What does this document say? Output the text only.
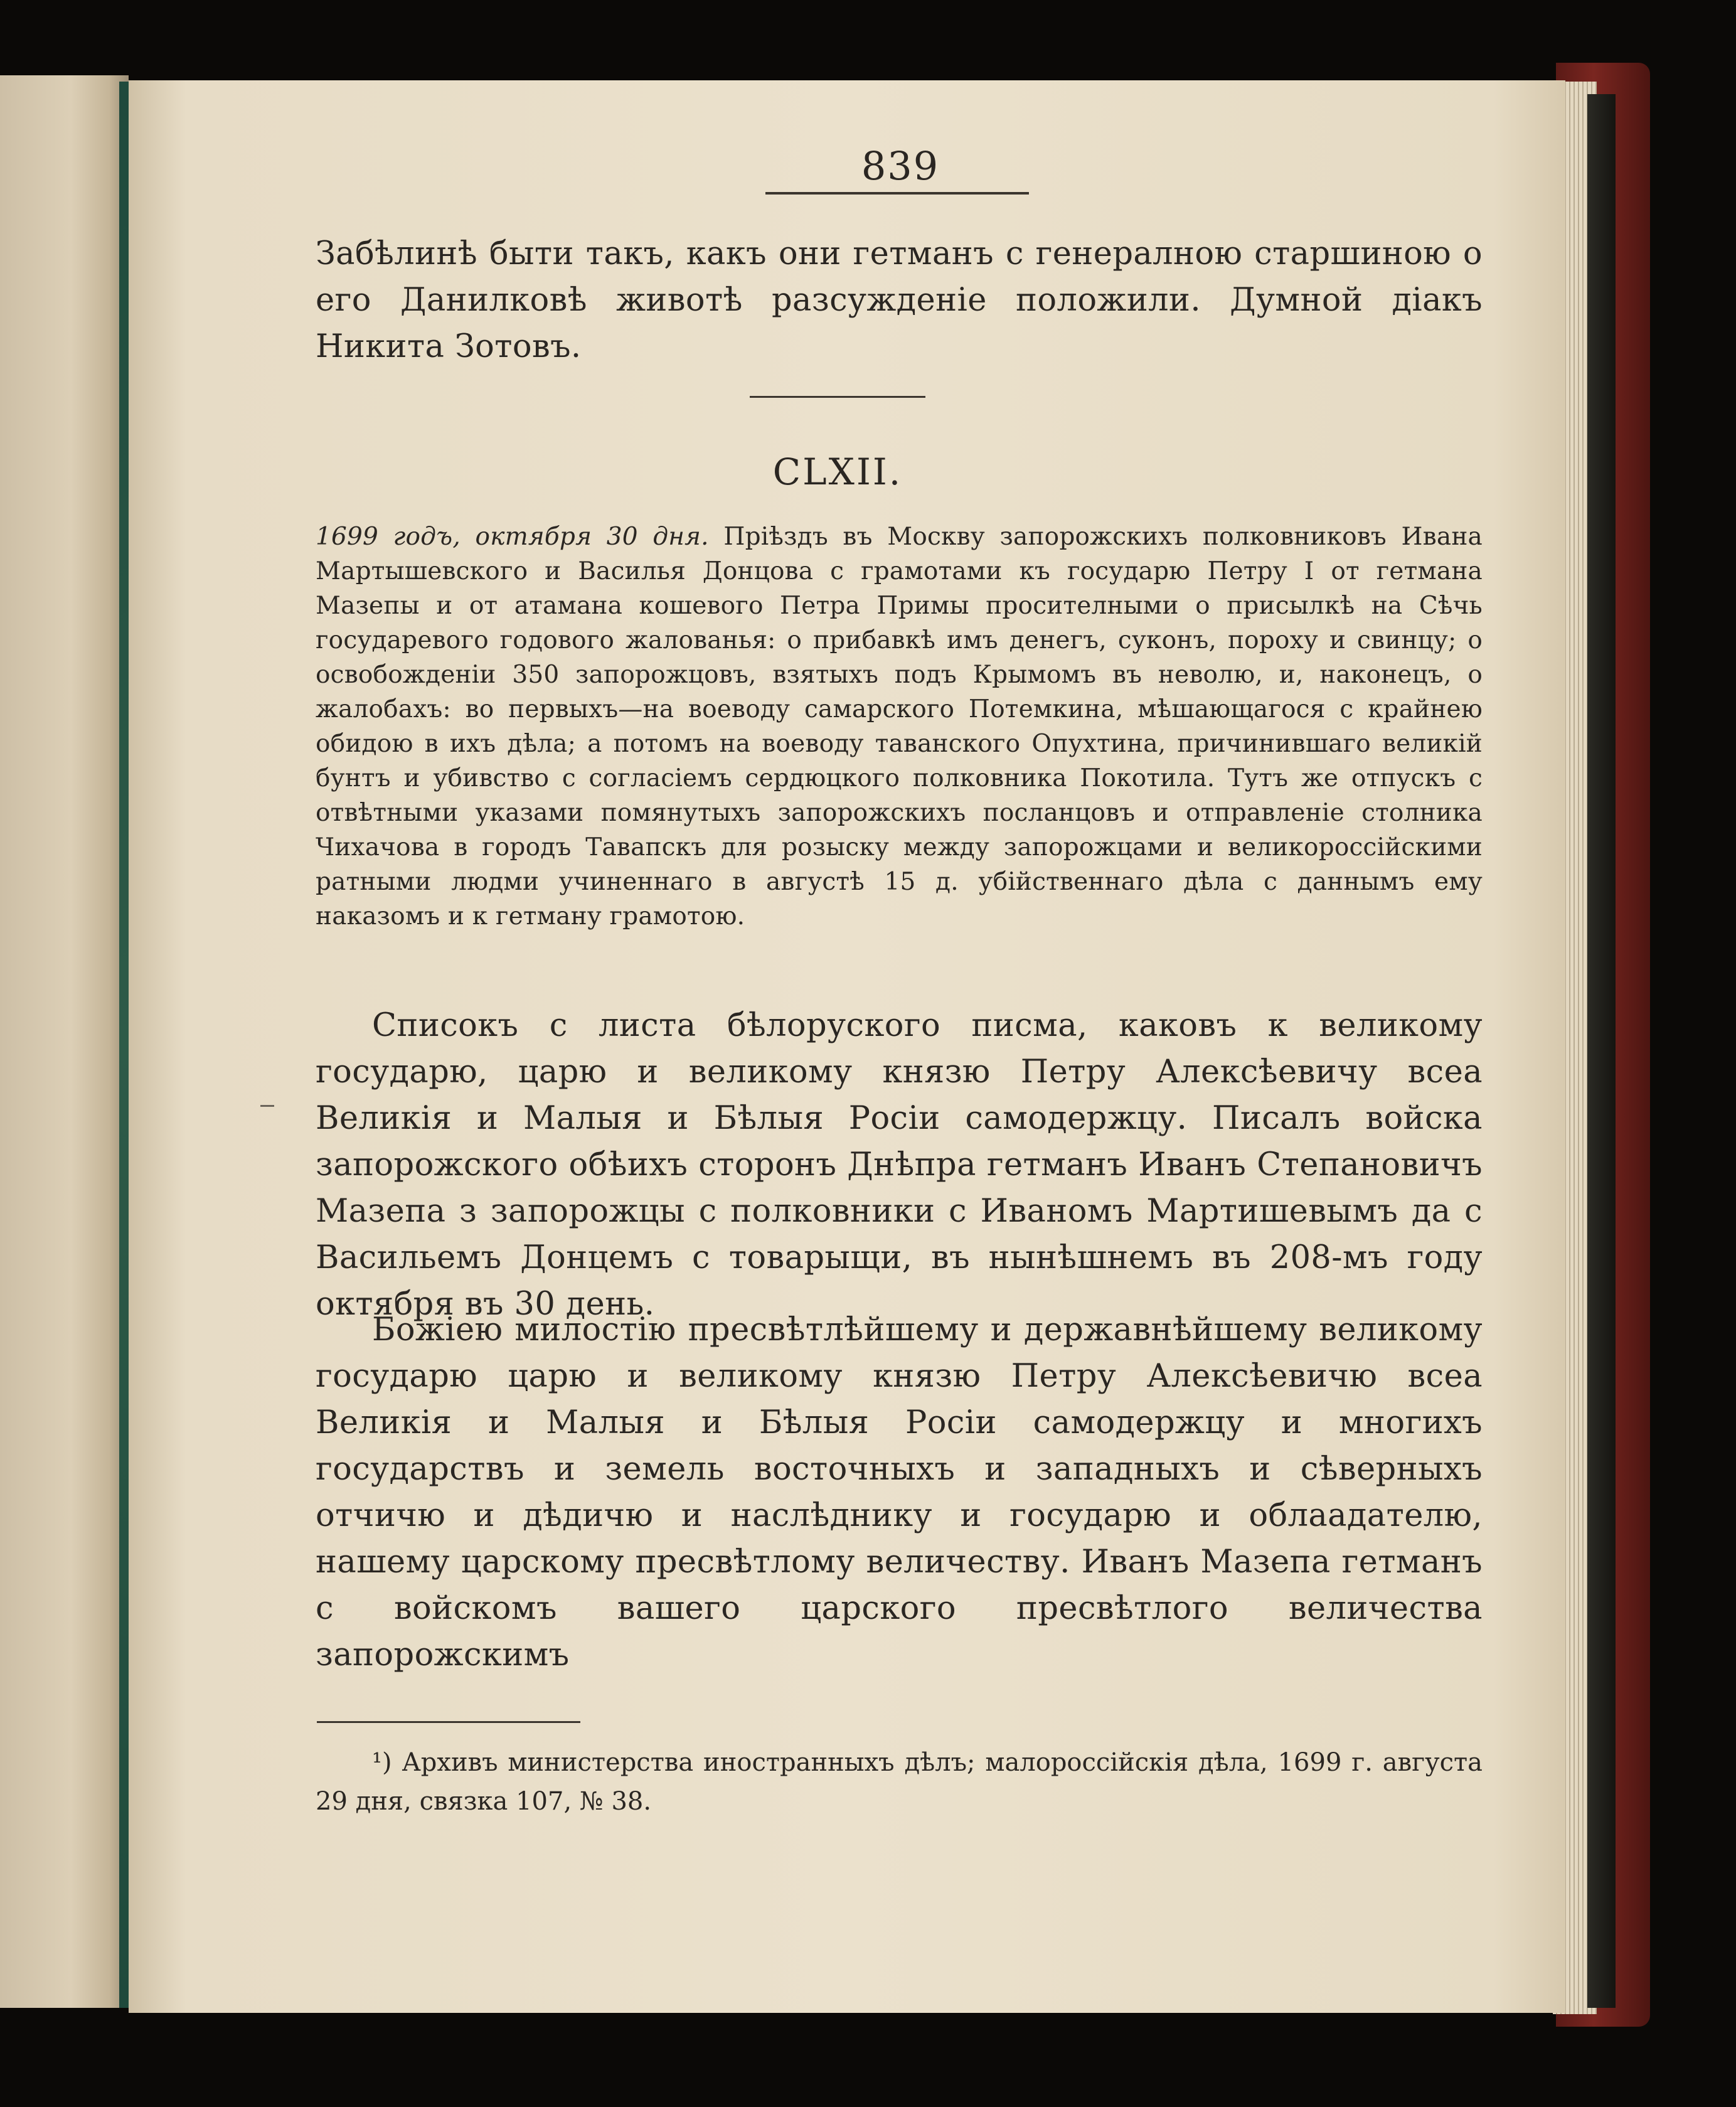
839

Забѣлинѣ быти такъ, какъ они гетманъ с генералною старшиною о его Данилковѣ животѣ разсужденіе положили. Думной діакъ Никита Зотовъ.

CLXII.

1699 годъ, октября 30 дня. Пріѣздъ въ Москву запорожскихъ полковниковъ Ивана Мартышевского и Василья Донцова с грамотами къ государю Петру I от гетмана Мазепы и от атамана кошевого Петра Примы просителными о присылкѣ на Сѣчь государевого годового жалованья: о прибавкѣ имъ денегъ, суконъ, пороху и свинцу; о освобожденіи 350 запорожцовъ, взятыхъ подъ Крымомъ въ неволю, и, наконецъ, о жалобахъ: во первыхъ—на воеводу самарского Потемкина, мѣшающагося с крайнею обидою в ихъ дѣла; а потомъ на воеводу таванского Опухтина, причинившаго великій бунтъ и убивство с согласіемъ сердюцкого полковника Покотила. Тутъ же отпускъ с отвѣтными указами помянутыхъ запорожскихъ посланцовъ и отправленіе столника Чихачова в городъ Тавапскъ для розыску между запорожцами и великороссійскими ратными людми учиненнаго в августѣ 15 д. убійственнаго дѣла с даннымъ ему наказомъ и к гетману грамотою.

Списокъ с листа бѣлоруского писма, каковъ к великому государю, царю и великому князю Петру Алексѣевичу всеа Великія и Малыя и Бѣлыя Росіи самодержцу. Писалъ войска запорожского обѣихъ сторонъ Днѣпра гетманъ Иванъ Степановичъ Мазепа з запорожцы с полковники с Иваномъ Мартишевымъ да с Васильемъ Донцемъ с товарыщи, въ нынѣшнемъ въ 208-мъ году октября въ 30 день.

Божіею милостію пресвѣтлѣйшему и державнѣйшему великому государю царю и великому князю Петру Алексѣевичю всеа Великія и Малыя и Бѣлыя Росіи самодержцу и многихъ государствъ и земель восточныхъ и западныхъ и сѣверныхъ отчичю и дѣдичю и наслѣднику и государю и облаадателю, нашему царскому пресвѣтлому величеству. Иванъ Мазепа гетманъ с войскомъ вашего царского пресвѣтлого величества запорожскимъ

¹) Архивъ министерства иностранныхъ дѣлъ; малороссійскія дѣла, 1699 г. августа 29 дня, связка 107, № 38.
